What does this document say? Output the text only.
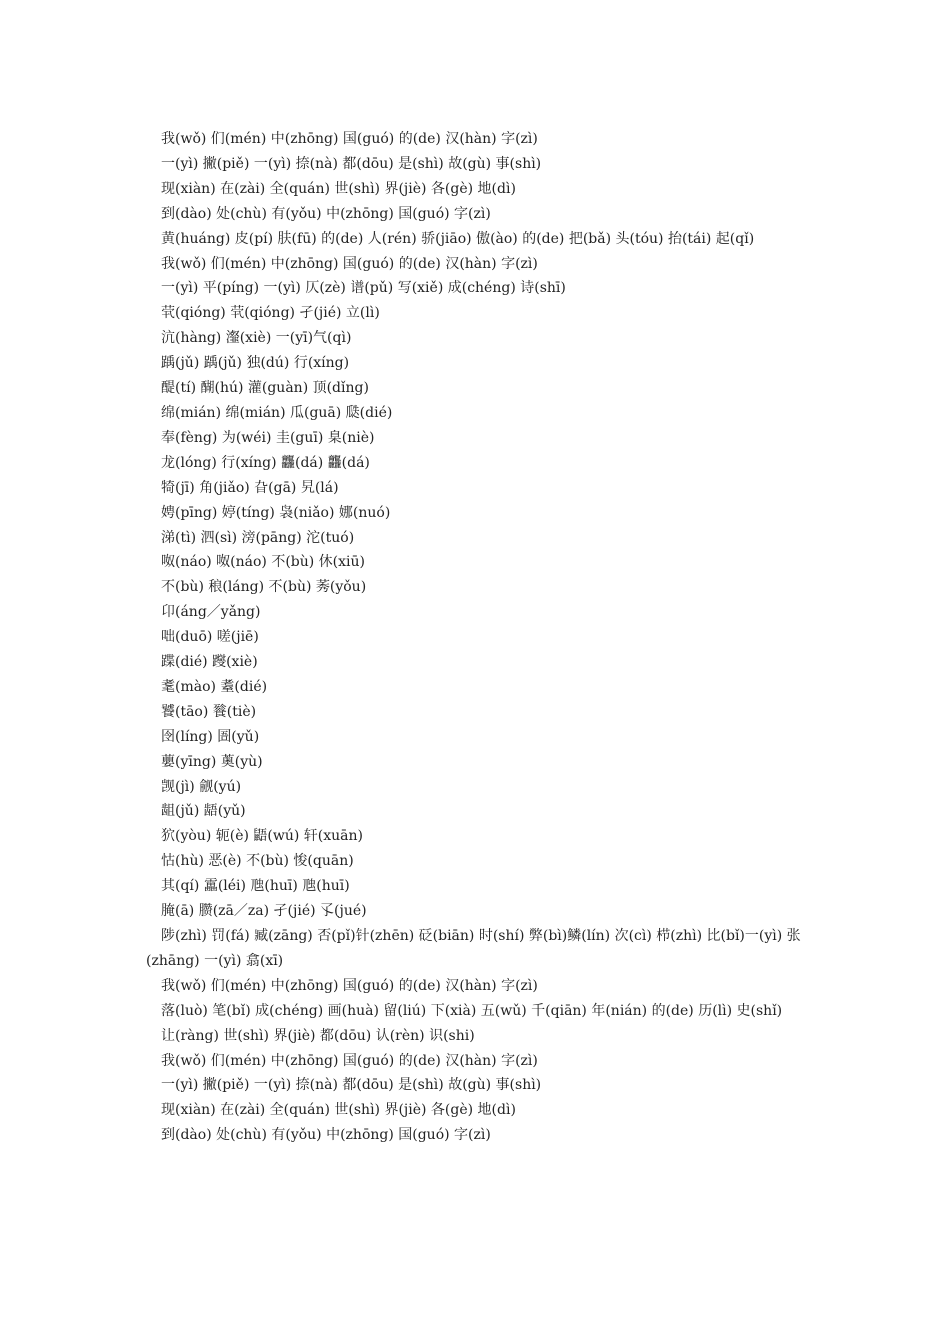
我(wǒ) 们(mén) 中(zhōng) 国(guó) 的(de) 汉(hàn) 字(zì)

一(yì) 撇(piě) 一(yì) 捺(nà) 都(dōu) 是(shì) 故(gù) 事(shì)

现(xiàn) 在(zài) 全(quán) 世(shì) 界(jiè) 各(gè) 地(dì)

到(dào) 处(chù) 有(yǒu) 中(zhōng) 国(guó) 字(zì)

黄(huáng) 皮(pí) 肤(fū) 的(de) 人(rén) 骄(jiāo) 傲(ào) 的(de) 把(bǎ) 头(tóu) 抬(tái) 起(qǐ)

我(wǒ) 们(mén) 中(zhōng) 国(guó) 的(de) 汉(hàn) 字(zì)

一(yì) 平(píng) 一(yì) 仄(zè) 谱(pǔ) 写(xiě) 成(chéng) 诗(shī)

茕(qióng) 茕(qióng) 孑(jié) 立(lì)

沆(hàng) 瀣(xiè) 一(yī)气(qì)

踽(jǔ) 踽(jǔ) 独(dú) 行(xíng)

醍(tí) 醐(hú) 灌(guàn) 顶(dǐng)

绵(mián) 绵(mián) 瓜(guā) 瓞(dié)

奉(fèng) 为(wéi) 圭(guī) 臬(niè)

龙(lóng) 行(xíng) 龘(dá) 龘(dá)

犄(jī) 角(jiǎo) 旮(gā) 旯(lá)

娉(pīng) 婷(tíng) 袅(niǎo) 娜(nuó)

涕(tì) 泗(sì) 滂(pāng) 沱(tuó)

呶(náo) 呶(náo) 不(bù) 休(xiū)

不(bù) 稂(láng) 不(bù) 莠(yǒu)

卬(áng／yǎng)

咄(duō) 嗟(jiē)

蹀(dié) 躞(xiè)

耄(mào) 耋(dié)

饕(tāo) 餮(tiè)

囹(líng) 圄(yǔ)

蘡(yīng) 薁(yù)

觊(jì) 觎(yú)

龃(jǔ) 龉(yǔ)

狖(yòu) 轭(è) 鼯(wú) 轩(xuān)

怙(hù) 恶(è) 不(bù) 悛(quān)

其(qí) 靁(léi) 虺(huī) 虺(huī)

腌(ā) 臜(zā／za) 孑(jié) 孓(jué)

陟(zhì) 罚(fá) 臧(zāng) 否(pǐ)针(zhēn) 砭(biān) 时(shí) 弊(bì)鳞(lín) 次(cì) 栉(zhì) 比(bǐ)一(yì) 张(zhāng) 一(yì) 翕(xī)

我(wǒ) 们(mén) 中(zhōng) 国(guó) 的(de) 汉(hàn) 字(zì)

落(luò) 笔(bǐ) 成(chéng) 画(huà) 留(liú) 下(xià) 五(wǔ) 千(qiān) 年(nián) 的(de) 历(lì) 史(shǐ)

让(ràng) 世(shì) 界(jiè) 都(dōu) 认(rèn) 识(shi)

我(wǒ) 们(mén) 中(zhōng) 国(guó) 的(de) 汉(hàn) 字(zì)

一(yì) 撇(piě) 一(yì) 捺(nà) 都(dōu) 是(shì) 故(gù) 事(shì)

现(xiàn) 在(zài) 全(quán) 世(shì) 界(jiè) 各(gè) 地(dì)

到(dào) 处(chù) 有(yǒu) 中(zhōng) 国(guó) 字(zì)
